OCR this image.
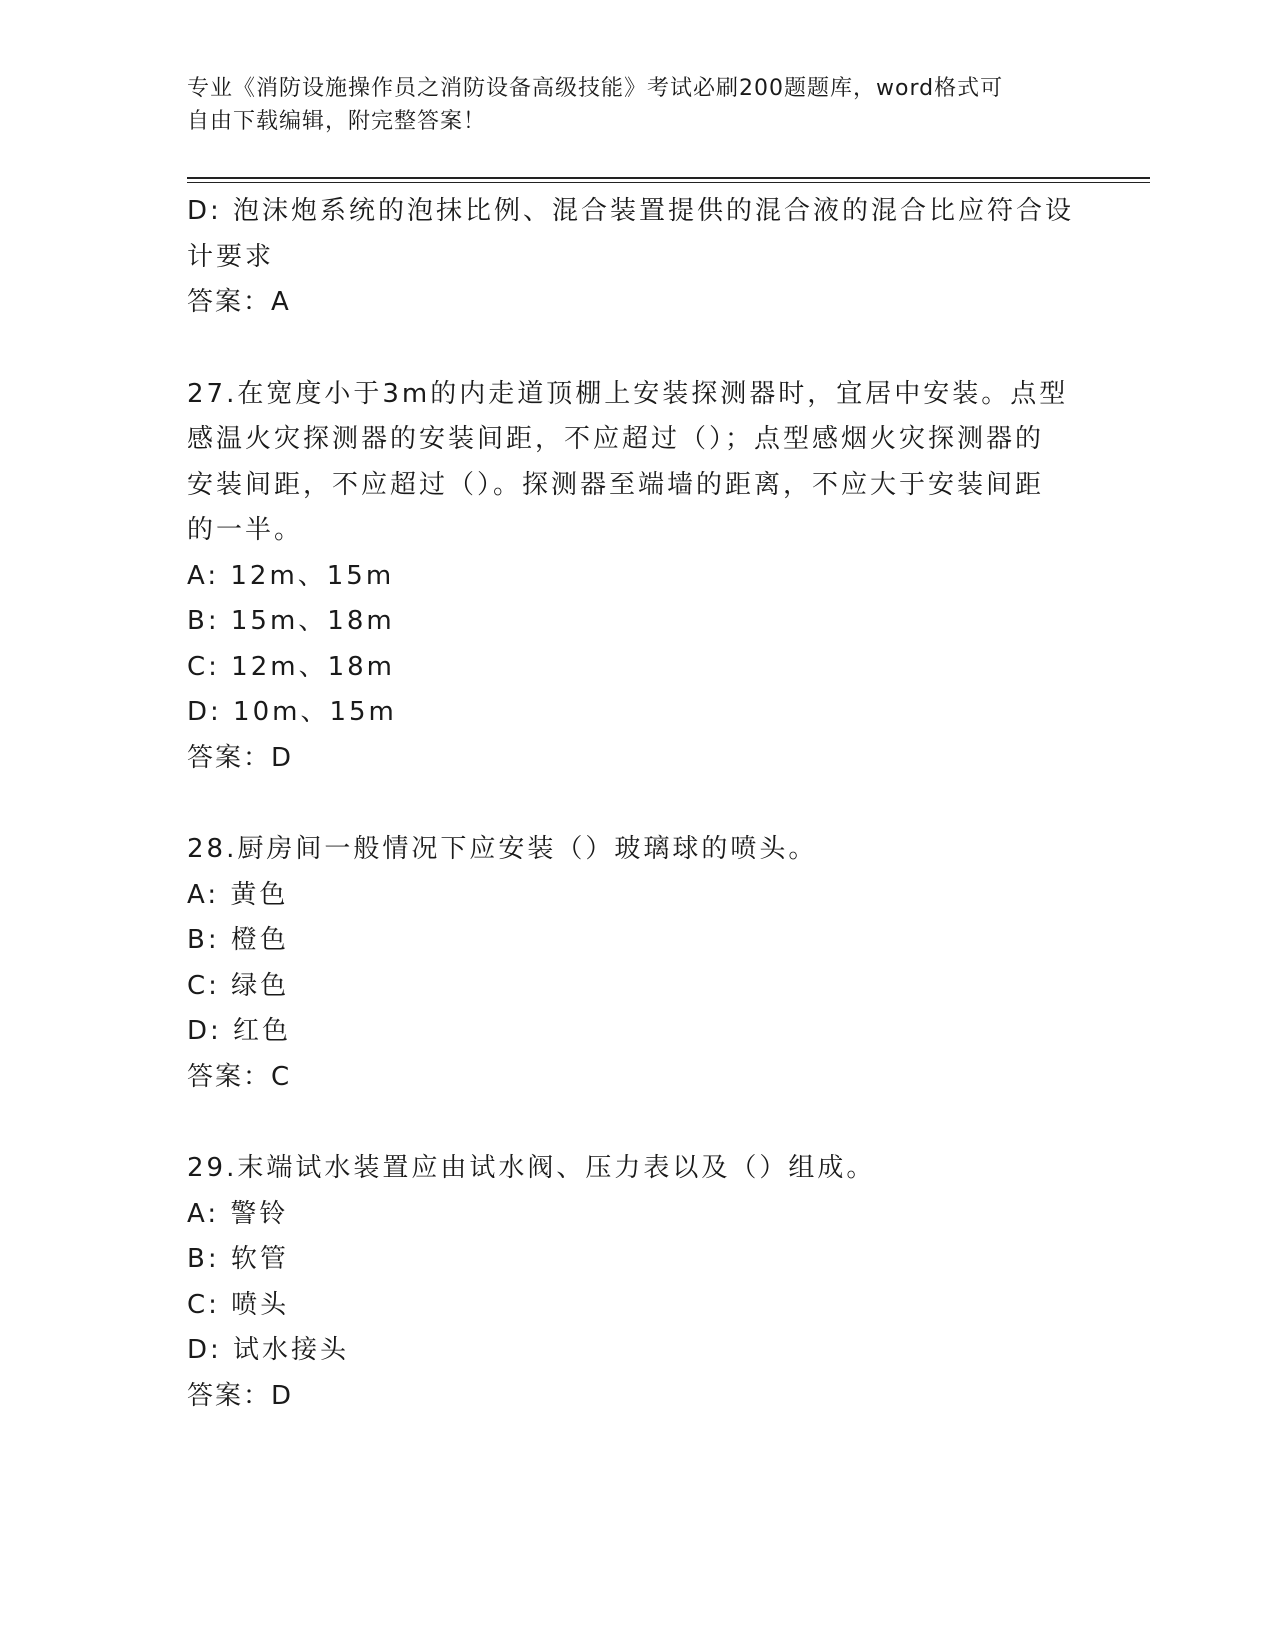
专业《消防设施操作员之消防设备高级技能》考试必刷200题题库，word格式可
自由下载编辑，附完整答案！
D: 泡沫炮系统的泡抹比例、混合装置提供的混合液的混合比应符合设
计要求
答案：A
27.在宽度小于3m的内走道顶棚上安装探测器时，宜居中安装。点型
感温火灾探测器的安装间距，不应超过（）；点型感烟火灾探测器的
安装间距，不应超过（）。探测器至端墙的距离，不应大于安装间距
的一半。
A: 12m、15m
B: 15m、18m
C: 12m、18m
D: 10m、15m
答案：D
28.厨房间一般情况下应安装（）玻璃球的喷头。
A: 黄色
B: 橙色
C: 绿色
D: 红色
答案：C
29.末端试水装置应由试水阀、压力表以及（）组成。
A: 警铃
B: 软管
C: 喷头
D: 试水接头
答案：D
